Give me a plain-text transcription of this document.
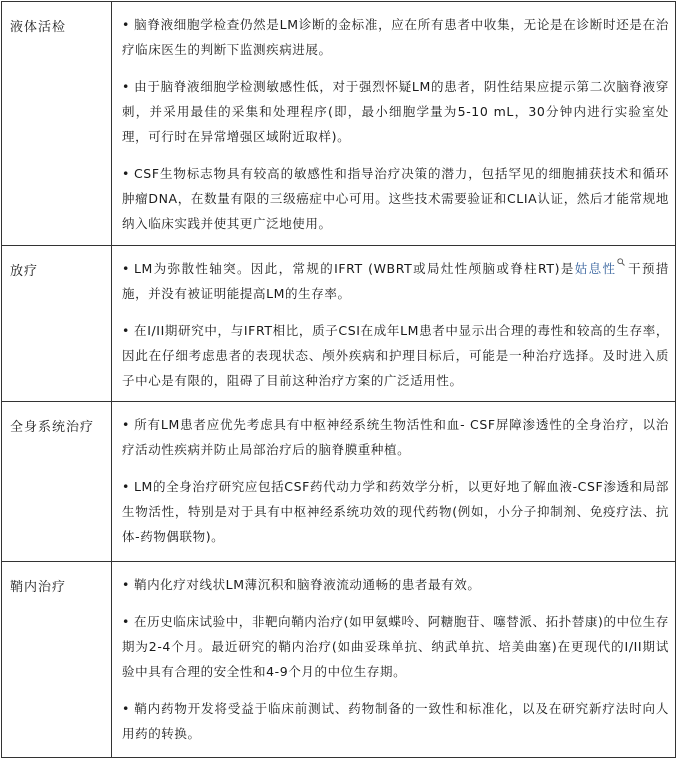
液体活检	• 脑脊液细胞学检查仍然是LM诊断的金标准，应在所有患者中收集，无论是在诊断时还是在治疗临床医生的判断下监测疾病进展。

• 由于脑脊液细胞学检测敏感性低，对于强烈怀疑LM的患者，阴性结果应提示第二次脑脊液穿刺，并采用最佳的采集和处理程序(即，最小细胞学量为5-10 mL，30分钟内进行实验室处理，可行时在异常增强区域附近取样)。

• CSF生物标志物具有较高的敏感性和指导治疗决策的潜力，包括罕见的细胞捕获技术和循环肿瘤DNA，在数量有限的三级癌症中心可用。这些技术需要验证和CLIA认证，然后才能常规地纳入临床实践并使其更广泛地使用。

放疗	• LM为弥散性轴突。因此，常规的IFRT (WBRT或局灶性颅脑或脊柱RT)是姑息性 干预措施，并没有被证明能提高LM的生存率。

• 在I/II期研究中，与IFRT相比，质子CSI在成年LM患者中显示出合理的毒性和较高的生存率，因此在仔细考虑患者的表现状态、颅外疾病和护理目标后，可能是一种治疗选择。及时进入质子中心是有限的，阻碍了目前这种治疗方案的广泛适用性。

全身系统治疗	• 所有LM患者应优先考虑具有中枢神经系统生物活性和血- CSF屏障渗透性的全身治疗，以治疗活动性疾病并防止局部治疗后的脑脊膜重种植。

• LM的全身治疗研究应包括CSF药代动力学和药效学分析，以更好地了解血液-CSF渗透和局部生物活性，特别是对于具有中枢神经系统功效的现代药物(例如，小分子抑制剂、免疫疗法、抗体-药物偶联物)。

鞘内治疗	• 鞘内化疗对线状LM薄沉积和脑脊液流动通畅的患者最有效。

• 在历史临床试验中，非靶向鞘内治疗(如甲氨蝶呤、阿糖胞苷、噻替派、拓扑替康)的中位生存期为2-4个月。最近研究的鞘内治疗(如曲妥珠单抗、纳武单抗、培美曲塞)在更现代的I/II期试验中具有合理的安全性和4-9个月的中位生存期。

• 鞘内药物开发将受益于临床前测试、药物制备的一致性和标准化，以及在研究新疗法时向人用药的转换。
